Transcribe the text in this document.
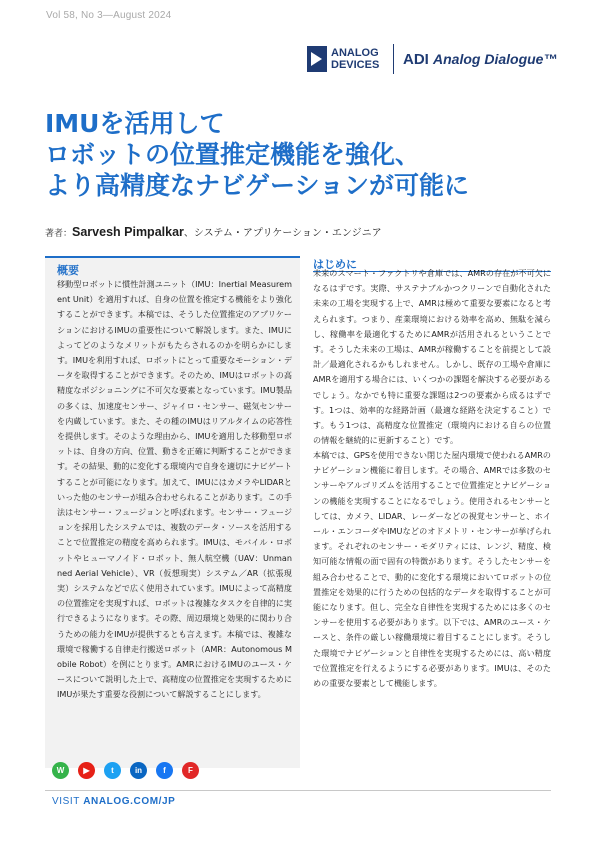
Vol 58, No 3—August 2024
ANALOG
DEVICES ADI Analog Dialogue™
IMUを活用して
ロボットの位置推定機能を強化、
より高精度なナビゲーションが可能に
著者：Sarvesh Pimpalkar、システム・アプリケーション・エンジニア
概要

移動型ロボットに慣性計測ユニット（IMU：Inertial Measurement Unit）を適用すれば、自身の位置を推定する機能をより強化することができます。本稿では、そうした位置推定のアプリケーションにおけるIMUの重要性について解説します。また、IMUによってどのようなメリットがもたらされるのかを明らかにします。IMUを利用すれば、ロボットにとって重要なモーション・データを取得することができます。そのため、IMUはロボットの高精度なポジショニングに不可欠な要素となっています。IMU製品の多くは、加速度センサー、ジャイロ・センサー、磁気センサーを内蔵しています。また、その種のIMUはリアルタイムの応答性を提供します。そのような理由から、IMUを適用した移動型ロボットは、自身の方向、位置、動きを正確に判断することができます。その結果、動的に変化する環境内で自身を適切にナビゲートすることが可能になります。加えて、IMUにはカメラやLIDARといった他のセンサーが組み合わせられることがあります。この手法はセンサー・フュージョンと呼ばれます。センサー・フュージョンを採用したシステムでは、複数のデータ・ソースを活用することで位置推定の精度を高められます。IMUは、モバイル・ロボットやヒューマノイド・ロボット、無人航空機（UAV：Unmanned Aerial Vehicle）、VR（仮想現実）システム／AR（拡張現実）システムなどで広く使用されています。IMUによって高精度の位置推定を実現すれば、ロボットは複雑なタスクを自律的に実行できるようになります。その際、周辺環境と効果的に関わり合うための能力をIMUが提供するとも言えます。本稿では、複雑な環境で稼働する自律走行搬送ロボット（AMR：Autonomous Mobile Robot）を例にとります。AMRにおけるIMUのユース・ケースについて説明した上で、高精度の位置推定を実現するためにIMUが果たす重要な役割について解説することにします。

はじめに

未来のスマート・ファクトリや倉庫では、AMRの存在が不可欠になるはずです。実際、サステナブルかつクリーンで自動化された未来の工場を実現する上で、AMRは極めて重要な要素になると考えられます。つまり、産業環境における効率を高め、無駄を減らし、稼働率を最適化するためにAMRが活用されるということです。そうした未来の工場は、AMRが稼働することを前提として設計／最適化されるかもしれません。しかし、既存の工場や倉庫にAMRを適用する場合には、いくつかの課題を解決する必要があるでしょう。なかでも特に重要な課題は2つの要素から成るはずです。1つは、効率的な経路計画（最適な経路を決定すること）です。もう1つは、高精度な位置推定（環境内における自らの位置の情報を継続的に更新すること）です。

本稿では、GPSを使用できない閉じた屋内環境で使われるAMRのナビゲーション機能に着目します。その場合、AMRでは多数のセンサーやアルゴリズムを活用することで位置推定とナビゲーションの機能を実現することになるでしょう。使用されるセンサーとしては、カメラ、LIDAR、レーダーなどの視覚センサーと、ホイール・エンコーダやIMUなどのオドメトリ・センサーが挙げられます。それぞれのセンサー・モダリティには、レンジ、精度、検知可能な情報の面で固有の特徴があります。そうしたセンサーを組み合わせることで、動的に変化する環境においてロボットの位置推定を効果的に行うための包括的なデータを取得することが可能になります。但し、完全な自律性を実現するためには多くのセンサーを使用する必要があります。以下では、AMRのユース・ケースと、条件の厳しい稼働環境に着目することにします。そうした環境でナビゲーションと自律性を実現するためには、高い精度で位置推定を行えるようにする必要があります。IMUは、そのための重要な要素として機能します。

W ▶	t	in	f	F
VISIT ANALOG.COM/JP
